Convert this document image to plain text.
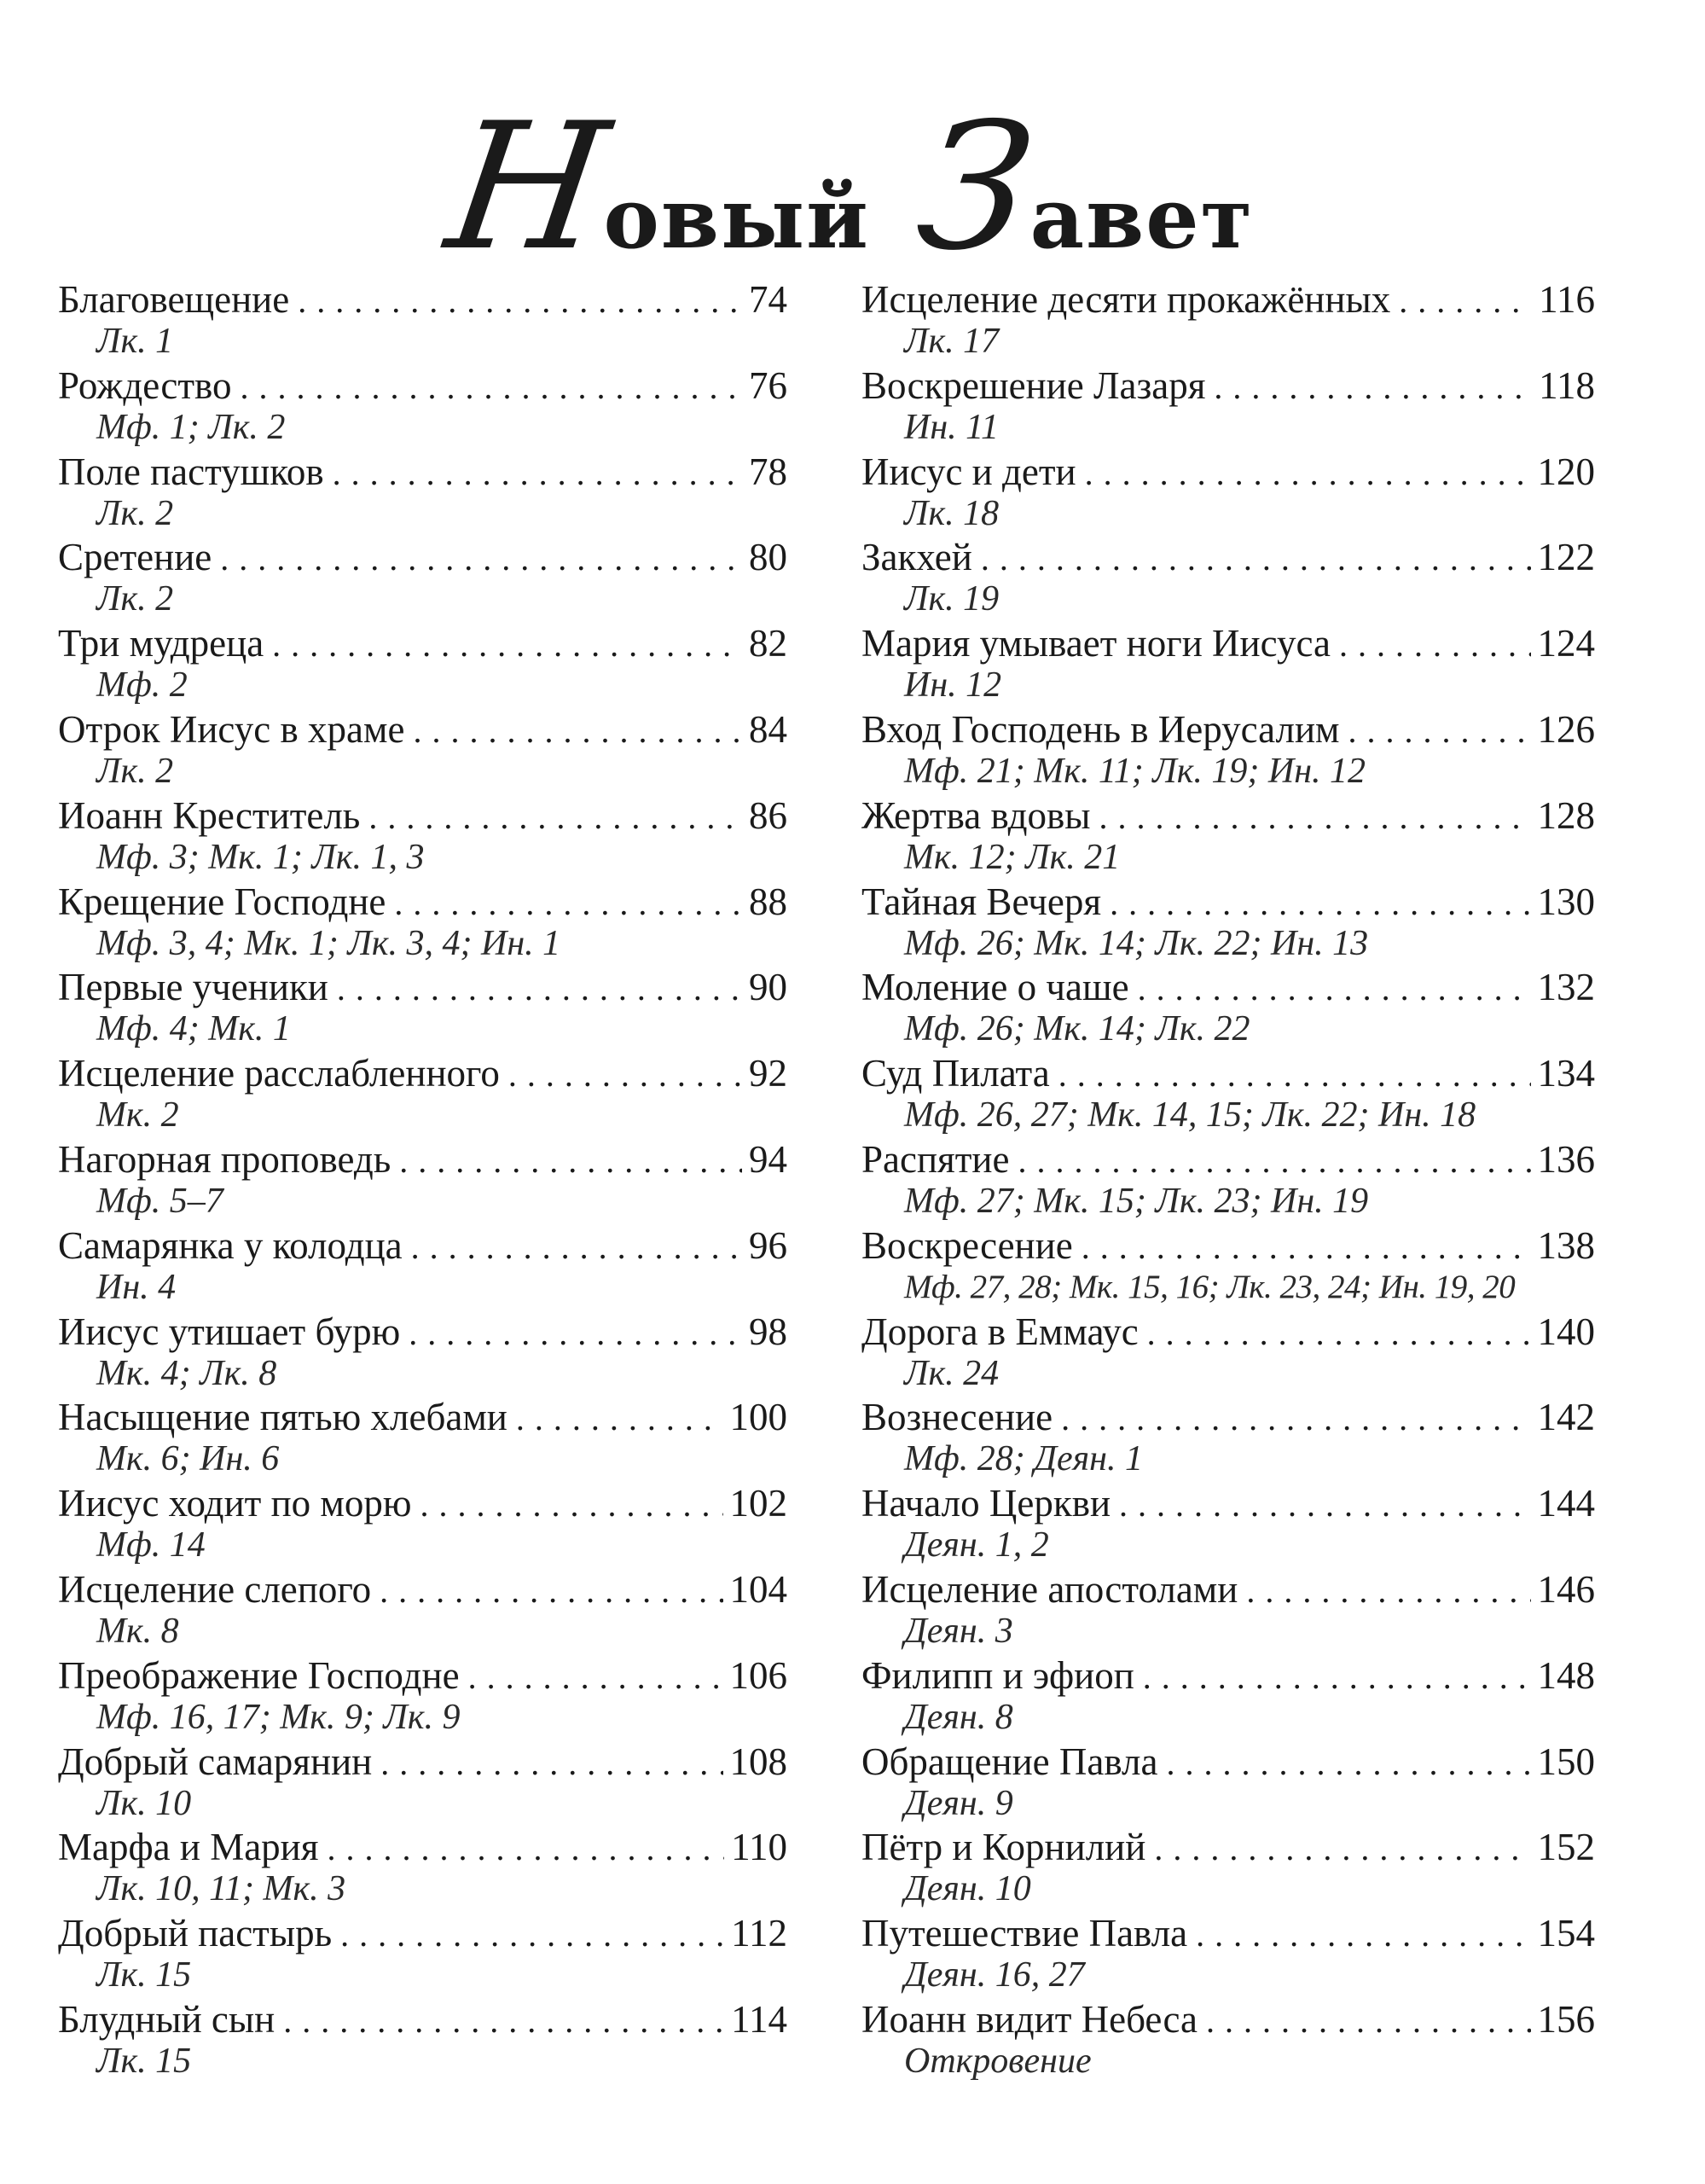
Новый Завет
Благовещение . . .	74
Лк. 1
Рождество . . .	76
Мф. 1; Лк. 2
Поле пастушков . . .	78
Лк. 2
Сретение . . .	80
Лк. 2
Три мудреца . . .	82
Мф. 2
Отрок Иисус в храме . . .	84
Лк. 2
Иоанн Креститель . . .	86
Мф. 3; Мк. 1; Лк. 1, 3
Крещение Господне . . .	88
Мф. 3, 4; Мк. 1; Лк. 3, 4; Ин. 1
Первые ученики . . .	90
Мф. 4; Мк. 1
Исцеление расслабленного . . .	92
Мк. 2
Нагорная проповедь . . .	94
Мф. 5–7
Самарянка у колодца . . .	96
Ин. 4
Иисус утишает бурю . . .	98
Мк. 4; Лк. 8
Насыщение пятью хлебами . . .	100
Мк. 6; Ин. 6
Иисус ходит по морю . . .	102
Мф. 14
Исцеление слепого . . .	104
Мк. 8
Преображение Господне . . .	106
Мф. 16, 17; Мк. 9; Лк. 9
Добрый самарянин . . .	108
Лк. 10
Марфа и Мария . . .	110
Лк. 10, 11; Мк. 3
Добрый пастырь . . .	112
Лк. 15
Блудный сын . . .	114
Лк. 15
Исцеление десяти прокажённых . . .	116
Лк. 17
Воскрешение Лазаря . . .	118
Ин. 11
Иисус и дети . . .	120
Лк. 18
Закхей . . .	122
Лк. 19
Мария умывает ноги Иисуса . . .	124
Ин. 12
Вход Господень в Иерусалим . . .	126
Мф. 21; Мк. 11; Лк. 19; Ин. 12
Жертва вдовы . . .	128
Мк. 12; Лк. 21
Тайная Вечеря . . .	130
Мф. 26; Мк. 14; Лк. 22; Ин. 13
Моление о чаше . . .	132
Мф. 26; Мк. 14; Лк. 22
Суд Пилата . . .	134
Мф. 26, 27; Мк. 14, 15; Лк. 22; Ин. 18
Распятие . . .	136
Мф. 27; Мк. 15; Лк. 23; Ин. 19
Воскресение . . .	138
Мф. 27, 28; Мк. 15, 16; Лк. 23, 24; Ин. 19, 20
Дорога в Еммаус . . .	140
Лк. 24
Вознесение . . .	142
Мф. 28; Деян. 1
Начало Церкви . . .	144
Деян. 1, 2
Исцеление апостолами . . .	146
Деян. 3
Филипп и эфиоп . . .	148
Деян. 8
Обращение Павла . . .	150
Деян. 9
Пётр и Корнилий . . .	152
Деян. 10
Путешествие Павла . . .	154
Деян. 16, 27
Иоанн видит Небеса . . .	156
Откровение
